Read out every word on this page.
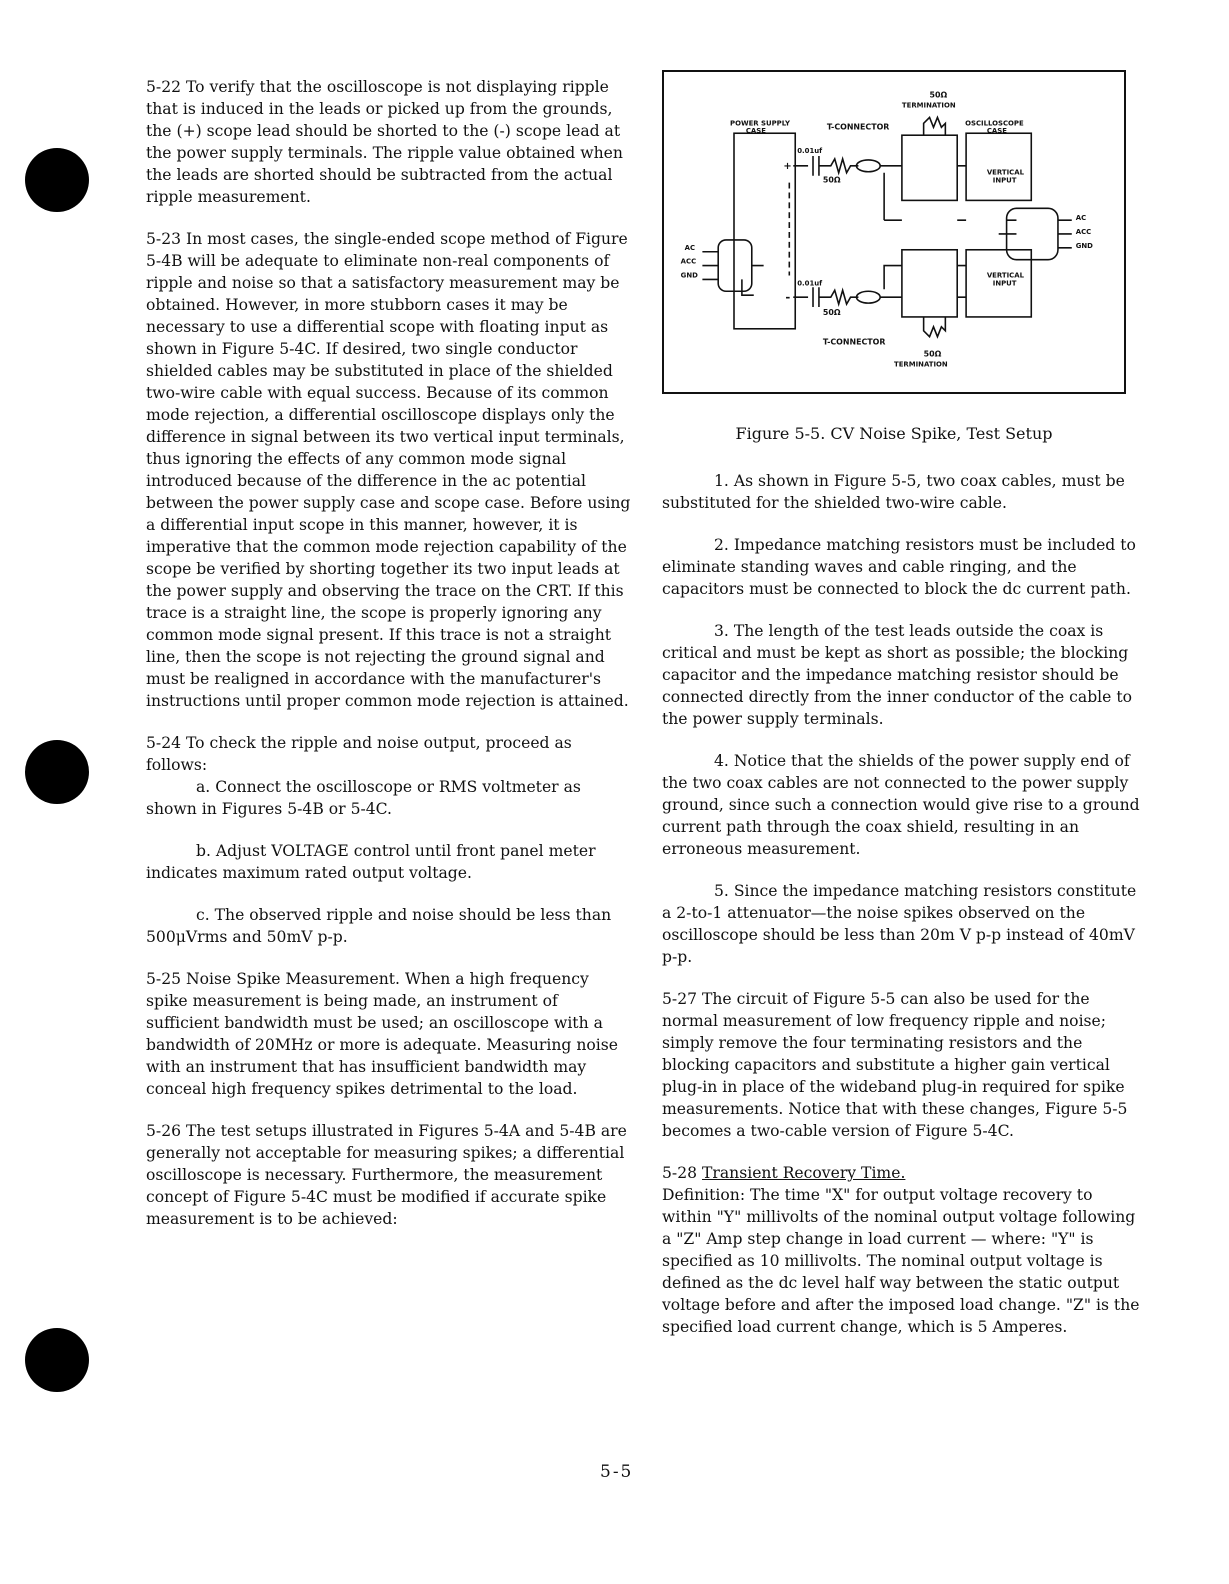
5-22 To verify that the oscilloscope is not displaying ripple that is induced in the leads or picked up from the grounds, the (+) scope lead should be shorted to the (-) scope lead at the power supply terminals. The ripple value obtained when the leads are shorted should be subtracted from the actual ripple measurement.

5-23 In most cases, the single-ended scope method of Figure 5-4B will be adequate to eliminate non-real components of ripple and noise so that a satisfactory measurement may be obtained. However, in more stubborn cases it may be necessary to use a differential scope with floating input as shown in Figure 5-4C. If desired, two single conductor shielded cables may be substituted in place of the shielded two-wire cable with equal success. Because of its common mode rejection, a differential oscilloscope displays only the difference in signal between its two vertical input terminals, thus ignoring the effects of any common mode signal introduced because of the difference in the ac potential between the power supply case and scope case. Before using a differential input scope in this manner, however, it is imperative that the common mode rejection capability of the scope be verified by shorting together its two input leads at the power supply and observing the trace on the CRT. If this trace is a straight line, the scope is properly ignoring any common mode signal present. If this trace is not a straight line, then the scope is not rejecting the ground signal and must be realigned in accordance with the manufacturer's instructions until proper common mode rejection is attained.

5-24 To check the ripple and noise output, proceed as follows:

a. Connect the oscilloscope or RMS voltmeter as shown in Figures 5-4B or 5-4C.

b. Adjust VOLTAGE control until front panel meter indicates maximum rated output voltage.

c. The observed ripple and noise should be less than 500μVrms and 50mV p-p.

5-25 Noise Spike Measurement. When a high frequency spike measurement is being made, an instrument of sufficient bandwidth must be used; an oscilloscope with a bandwidth of 20MHz or more is adequate. Measuring noise with an instrument that has insufficient bandwidth may conceal high frequency spikes detrimental to the load.

5-26 The test setups illustrated in Figures 5-4A and 5-4B are generally not acceptable for measuring spikes; a differential oscilloscope is necessary. Furthermore, the measurement concept of Figure 5-4C must be modified if accurate spike measurement is to be achieved:

50Ω
TERMINATION
POWER SUPPLY
CASE	T-CONNECTOR	OSCILLOSCOPE
CASE
0.01uf
50Ω
+
-
VERTICAL
INPUT
AC
ACC
GND
AC
ACC
GND
0.01uf
50Ω
VERTICAL
INPUT
T-CONNECTOR
50Ω
TERMINATION
Figure 5-5. CV Noise Spike, Test Setup

1. As shown in Figure 5-5, two coax cables, must be substituted for the shielded two-wire cable.

2. Impedance matching resistors must be included to eliminate standing waves and cable ringing, and the capacitors must be connected to block the dc current path.

3. The length of the test leads outside the coax is critical and must be kept as short as possible; the blocking capacitor and the impedance matching resistor should be connected directly from the inner conductor of the cable to the power supply terminals.

4. Notice that the shields of the power supply end of the two coax cables are not connected to the power supply ground, since such a connection would give rise to a ground current path through the coax shield, resulting in an erroneous measurement.

5. Since the impedance matching resistors constitute a 2-to-1 attenuator—the noise spikes observed on the oscilloscope should be less than 20m V p-p instead of 40mV p-p.

5-27 The circuit of Figure 5-5 can also be used for the normal measurement of low frequency ripple and noise; simply remove the four terminating resistors and the blocking capacitors and substitute a higher gain vertical plug-in in place of the wideband plug-in required for spike measurements. Notice that with these changes, Figure 5-5 becomes a two-cable version of Figure 5-4C.

5-28 Transient Recovery Time.

Definition: The time "X" for output voltage recovery to within "Y" millivolts of the nominal output voltage following a "Z" Amp step change in load current — where: "Y" is specified as 10 millivolts. The nominal output voltage is defined as the dc level half way between the static output voltage before and after the imposed load change. "Z" is the specified load current change, which is 5 Amperes.

5-5
